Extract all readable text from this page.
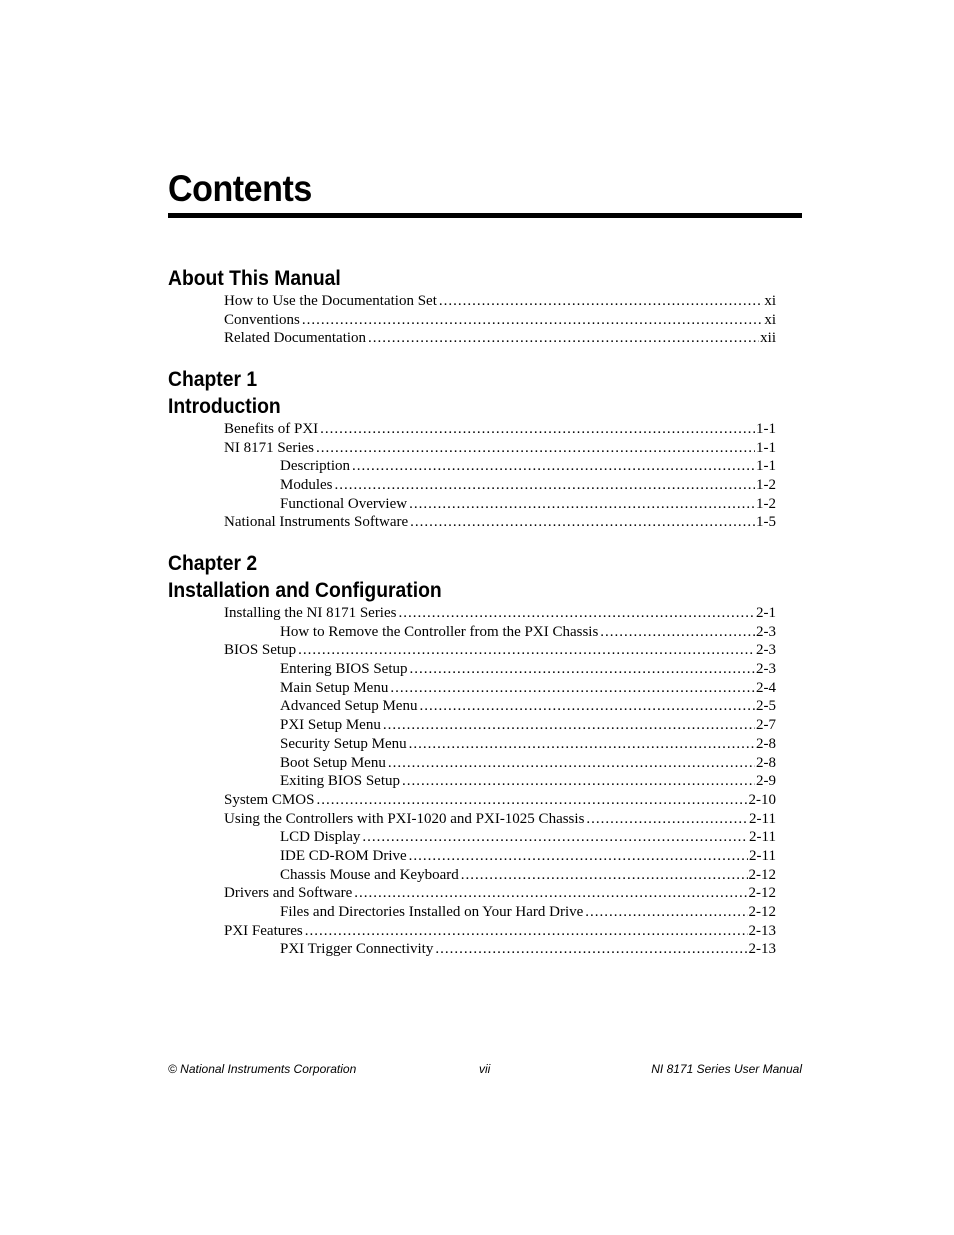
Contents
About This Manual
How to Use the Documentation Set .....	xi
Conventions .....	xi
Related Documentation .....	xii
Chapter 1
Introduction
Benefits of PXI .....	1-1
NI 8171 Series .....	1-1
Description .....	1-1
Modules .....	1-2
Functional Overview .....	1-2
National Instruments Software .....	1-5
Chapter 2
Installation and Configuration
Installing the NI 8171 Series .....	2-1
How to Remove the Controller from the PXI Chassis .....	2-3
BIOS Setup .....	2-3
Entering BIOS Setup .....	2-3
Main Setup Menu .....	2-4
Advanced Setup Menu .....	2-5
PXI Setup Menu .....	2-7
Security Setup Menu .....	2-8
Boot Setup Menu .....	2-8
Exiting BIOS Setup .....	2-9
System CMOS .....	2-10
Using the Controllers with PXI-1020 and PXI-1025 Chassis .....	2-11
LCD Display .....	2-11
IDE CD-ROM Drive .....	2-11
Chassis Mouse and Keyboard .....	2-12
Drivers and Software .....	2-12
Files and Directories Installed on Your Hard Drive .....	2-12
PXI Features .....	2-13
PXI Trigger Connectivity .....	2-13
© National Instruments Corporation	vii	NI 8171 Series User Manual
